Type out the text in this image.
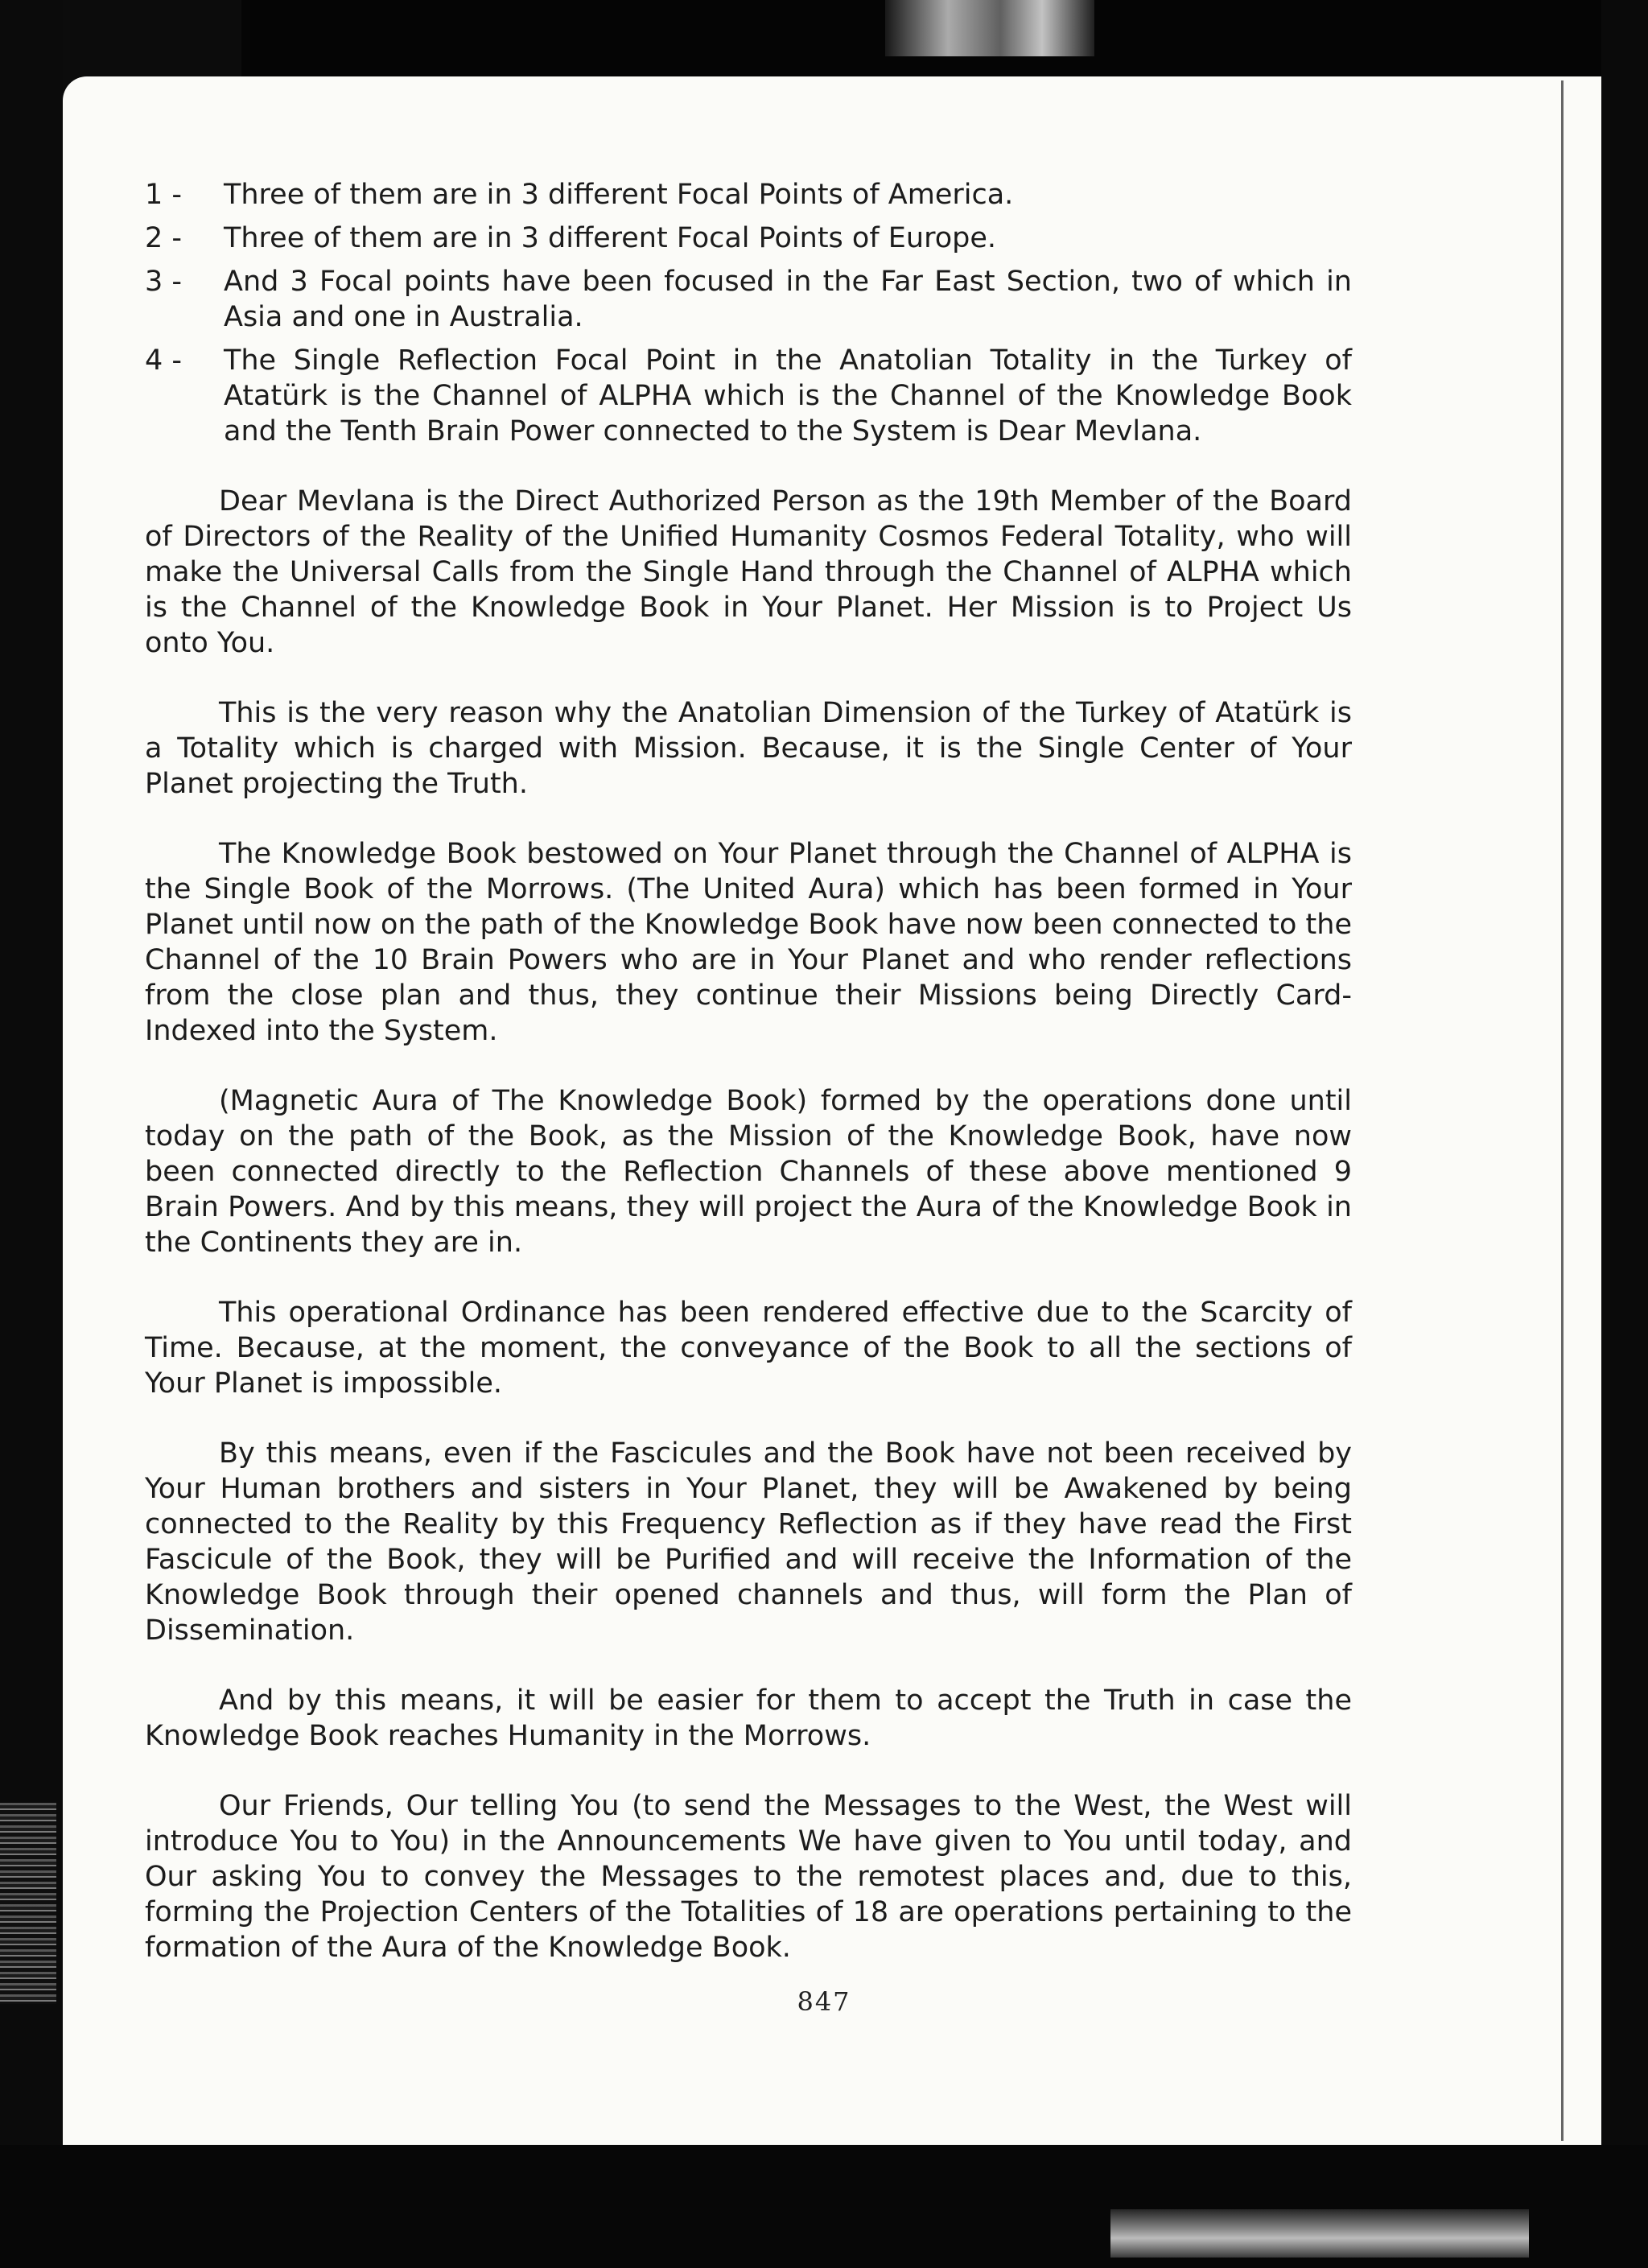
1 -	Three of them are in 3 different Focal Points of America.
2 -	Three of them are in 3 different Focal Points of Europe.
3 -	And 3 Focal points have been focused in the Far East Section, two of which in Asia and one in Australia.
4 -	The Single Reflection Focal Point in the Anatolian Totality in the Turkey of Atatürk is the Channel of ALPHA which is the Channel of the Knowledge Book and the Tenth Brain Power connected to the System is Dear Mevlana.

Dear Mevlana is the Direct Authorized Person as the 19th Member of the Board of Directors of the Reality of the Unified Humanity Cosmos Federal Totality, who will make the Universal Calls from the Single Hand through the Channel of ALPHA which is the Channel of the Knowledge Book in Your Planet. Her Mission is to Project Us onto You.

This is the very reason why the Anatolian Dimension of the Turkey of Atatürk is a Totality which is charged with Mission. Because, it is the Single Center of Your Planet projecting the Truth.

The Knowledge Book bestowed on Your Planet through the Channel of ALPHA is the Single Book of the Morrows. (The United Aura) which has been formed in Your Planet until now on the path of the Knowledge Book have now been connected to the Channel of the 10 Brain Powers who are in Your Planet and who render reflections from the close plan and thus, they continue their Missions being Directly Card-Indexed into the System.

(Magnetic Aura of The Knowledge Book) formed by the operations done until today on the path of the Book, as the Mission of the Knowledge Book, have now been connected directly to the Reflection Channels of these above mentioned 9 Brain Powers. And by this means, they will project the Aura of the Knowledge Book in the Continents they are in.

This operational Ordinance has been rendered effective due to the Scarcity of Time. Because, at the moment, the conveyance of the Book to all the sections of Your Planet is impossible.

By this means, even if the Fascicules and the Book have not been received by Your Human brothers and sisters in Your Planet, they will be Awakened by being connected to the Reality by this Frequency Reflection as if they have read the First Fascicule of the Book, they will be Purified and will receive the Information of the Knowledge Book through their opened channels and thus, will form the Plan of Dissemination.

And by this means, it will be easier for them to accept the Truth in case the Knowledge Book reaches Humanity in the Morrows.

Our Friends, Our telling You (to send the Messages to the West, the West will introduce You to You) in the Announcements We have given to You until today, and Our asking You to convey the Messages to the remotest places and, due to this, forming the Projection Centers of the Totalities of 18 are operations pertaining to the formation of the Aura of the Knowledge Book.

847
